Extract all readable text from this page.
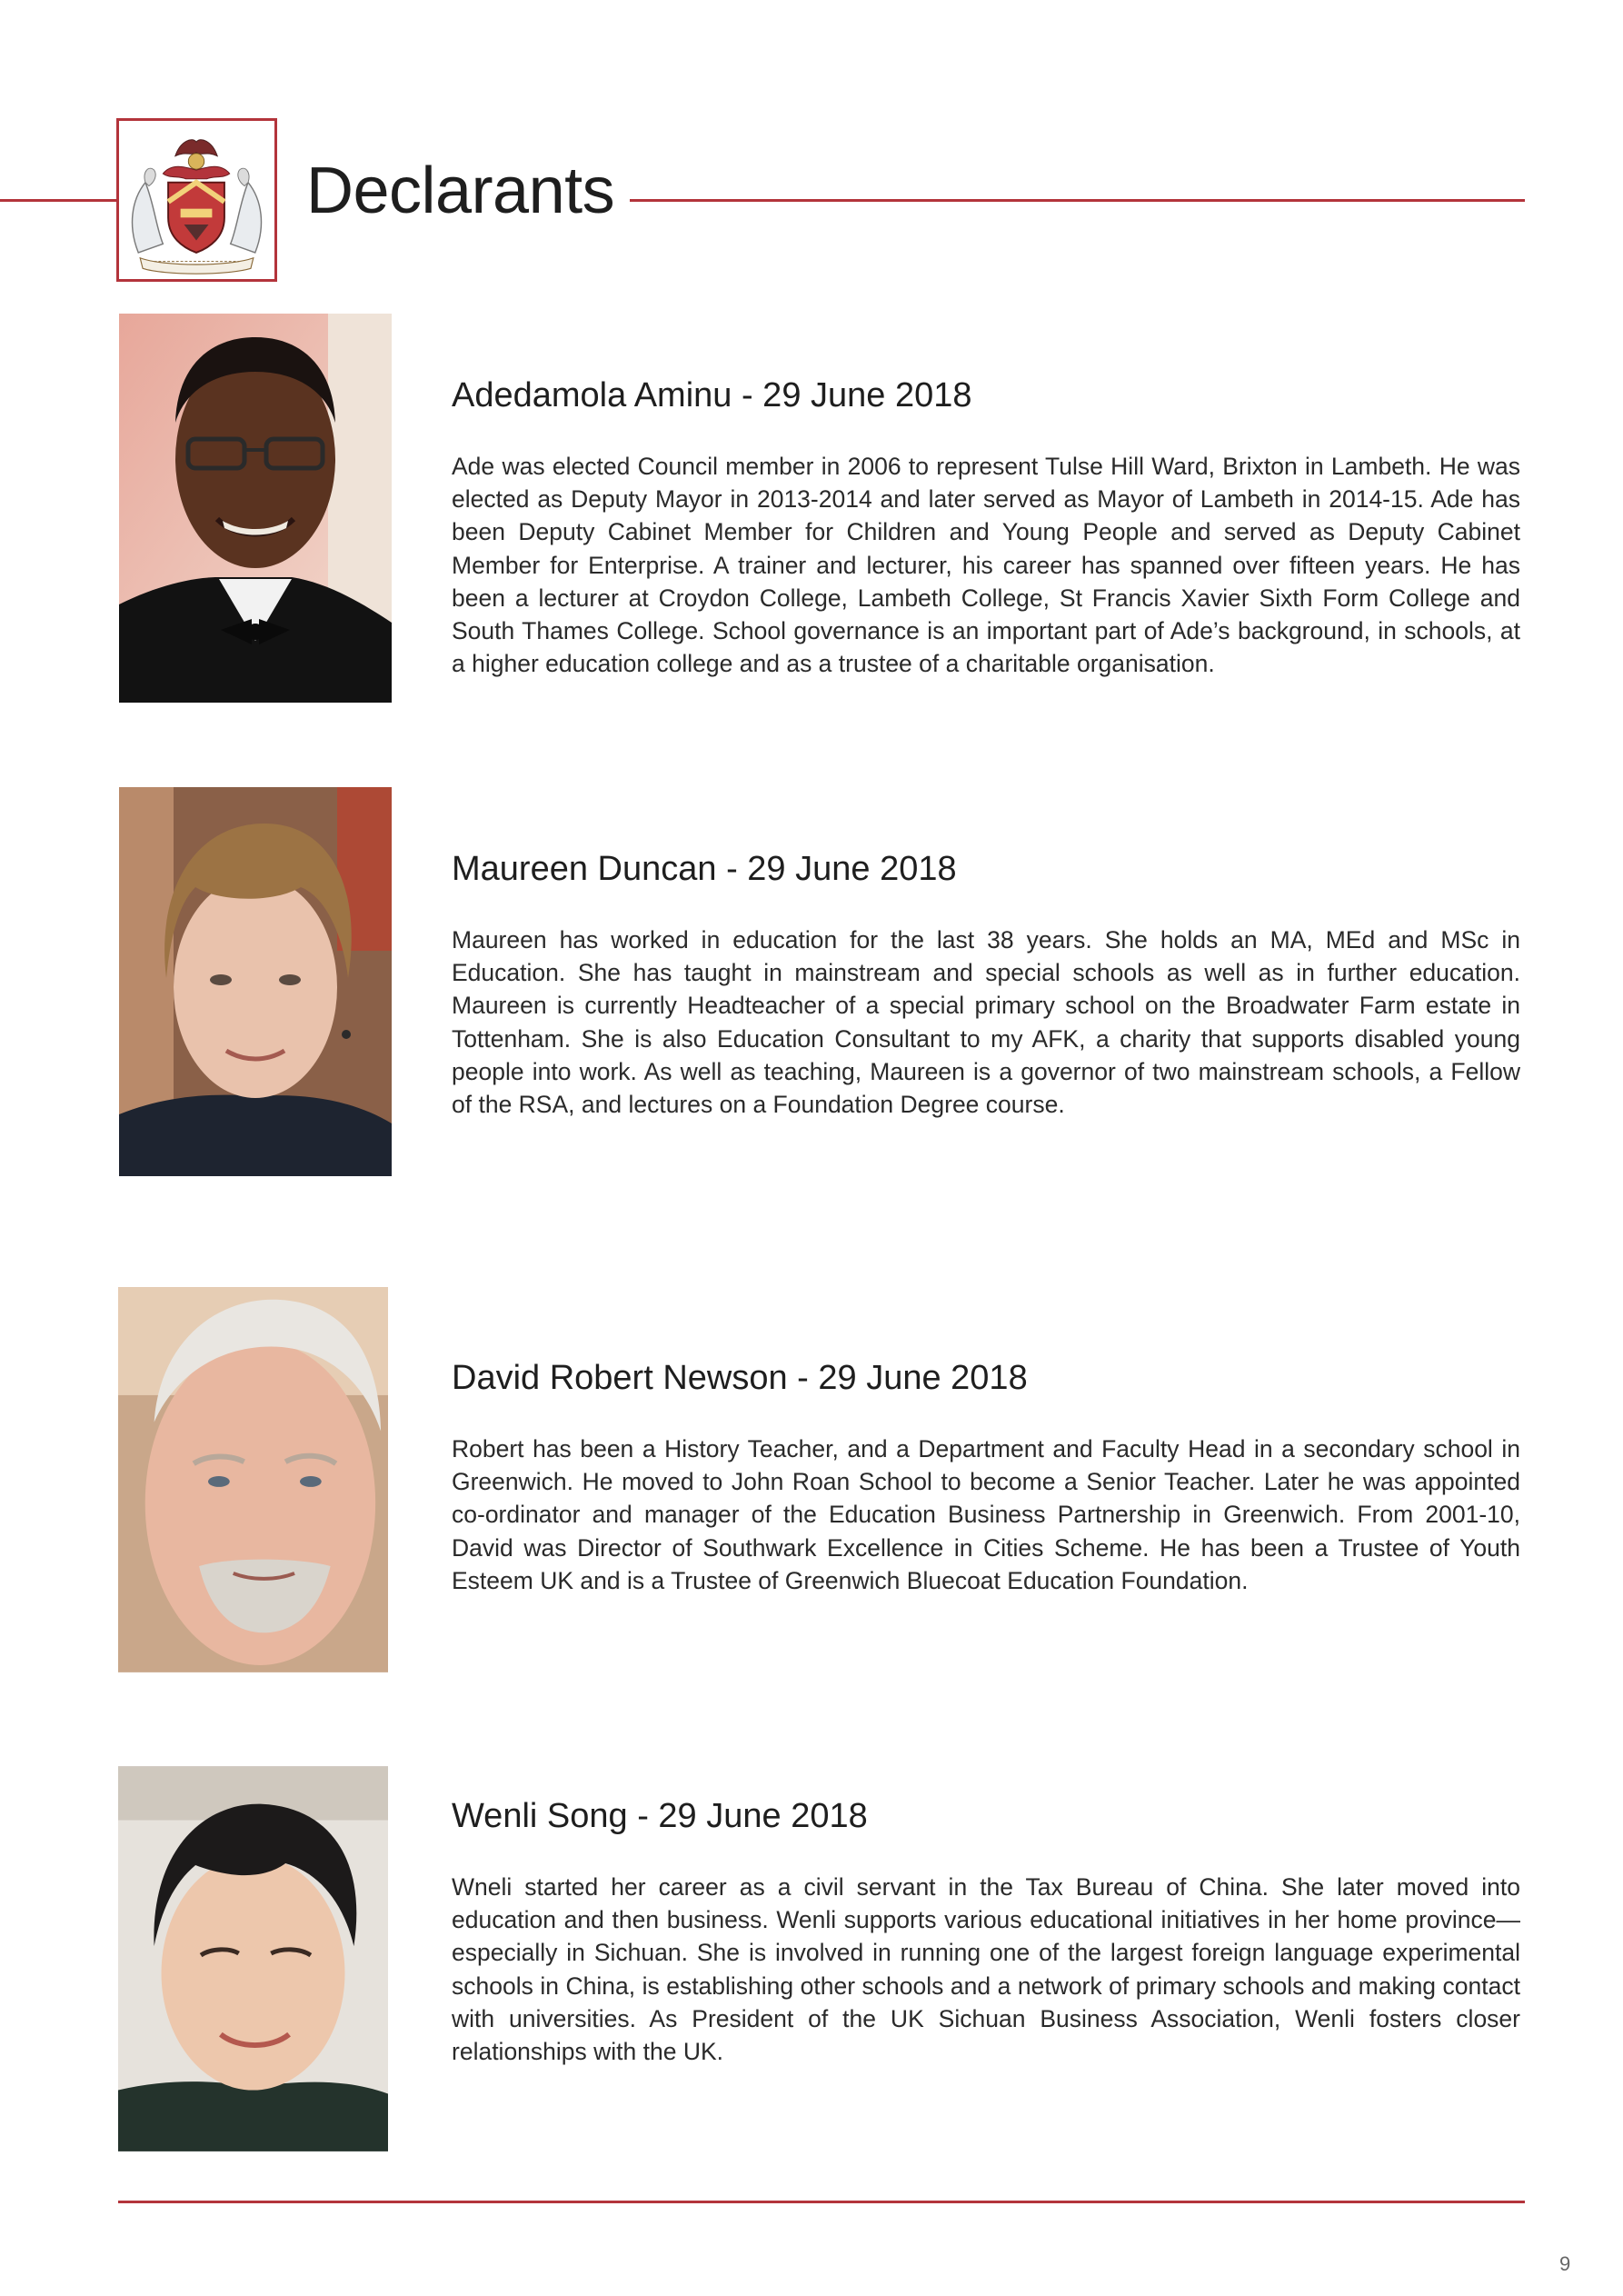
Declarants
Adedamola Aminu - 29 June 2018

Ade was elected Council member in 2006 to represent Tulse Hill Ward, Brixton in Lambeth. He was elected as Deputy Mayor in 2013-2014 and later served as Mayor of Lambeth in 2014-15. Ade has been Deputy Cabinet Member for Children and Young People and served as Deputy Cabinet Member for Enterprise. A trainer and lecturer, his career has spanned over fifteen years. He has been a lecturer at Croydon College, Lambeth College, St Francis Xavier Sixth Form College and South Thames College. School governance is an important part of Ade’s background, in schools, at a higher education college and as a trustee of a charitable organisation.

Maureen Duncan - 29 June 2018

Maureen has worked in education for the last 38 years. She holds an MA, MEd and MSc in Education. She has taught in mainstream and special schools as well as in further education. Maureen is currently Headteacher of a special primary school on the Broadwater Farm estate in Tottenham. She is also Education Consultant to my AFK, a charity that supports disabled young people into work. As well as teaching, Maureen is a governor of two mainstream schools, a Fellow of the RSA, and lectures on a Foundation Degree course.

David Robert Newson - 29 June 2018

Robert has been a History Teacher, and a Department and Faculty Head in a secondary school in Greenwich. He moved to John Roan School to become a Senior Teacher. Later he was appointed co-ordinator and manager of the Education Business Partnership in Greenwich. From 2001-10, David was Director of Southwark Excellence in Cities Scheme. He has been a Trustee of Youth Esteem UK and is a Trustee of Greenwich Bluecoat Education Foundation.

Wenli Song - 29 June 2018

Wneli started her career as a civil servant in the Tax Bureau of China. She later moved into education and then business. Wenli supports various educational initiatives in her home province—especially in Sichuan. She is involved in running one of the largest foreign language experimental schools in China, is establishing other schools and a network of primary schools and making contact with universities. As President of the UK Sichuan Business Association, Wenli fosters closer relationships with the UK.

9
